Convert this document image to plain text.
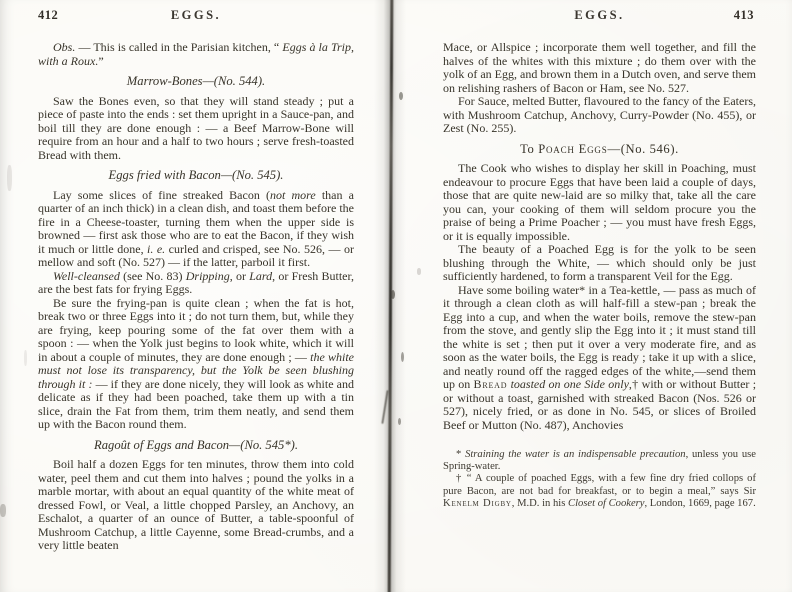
412	EGGS.

Obs. — This is called in the Parisian kitchen, “ Eggs à la Trip, with a Roux.”

Marrow-Bones—(No. 544).

Saw the Bones even, so that they will stand steady ; put a piece of paste into the ends : set them upright in a Sauce-pan, and boil till they are done enough : — a Beef Marrow-Bone will require from an hour and a half to two hours ; serve fresh-toasted Bread with them.

Eggs fried with Bacon—(No. 545).

Lay some slices of fine streaked Bacon (not more than a quarter of an inch thick) in a clean dish, and toast them before the fire in a Cheese-toaster, turning them when the upper side is browned — first ask those who are to eat the Bacon, if they wish it much or little done, i. e. curled and crisped, see No. 526, — or mellow and soft (No. 527) — if the latter, parboil it first.

Well-cleansed (see No. 83) Dripping, or Lard, or Fresh Butter, are the best fats for frying Eggs.

Be sure the frying-pan is quite clean ; when the fat is hot, break two or three Eggs into it ; do not turn them, but, while they are frying, keep pouring some of the fat over them with a spoon : — when the Yolk just begins to look white, which it will in about a couple of minutes, they are done enough ; — the white must not lose its transparency, but the Yolk be seen blushing through it : — if they are done nicely, they will look as white and delicate as if they had been poached, take them up with a tin slice, drain the Fat from them, trim them neatly, and send them up with the Bacon round them.

Ragoût of Eggs and Bacon—(No. 545*).

Boil half a dozen Eggs for ten minutes, throw them into cold water, peel them and cut them into halves ; pound the yolks in a marble mortar, with about an equal quantity of the white meat of dressed Fowl, or Veal, a little chopped Parsley, an Anchovy, an Eschalot, a quarter of an ounce of Butter, a table-spoonful of Mushroom Catchup, a little Cayenne, some Bread-crumbs, and a very little beaten

EGGS.	413

Mace, or Allspice ; incorporate them well together, and fill the halves of the whites with this mixture ; do them over with the yolk of an Egg, and brown them in a Dutch oven, and serve them on relishing rashers of Bacon or Ham, see No. 527.

For Sauce, melted Butter, flavoured to the fancy of the Eaters, with Mushroom Catchup, Anchovy, Curry-Powder (No. 455), or Zest (No. 255).

To Poach Eggs—(No. 546).

The Cook who wishes to display her skill in Poaching, must endeavour to procure Eggs that have been laid a couple of days, those that are quite new-laid are so milky that, take all the care you can, your cooking of them will seldom procure you the praise of being a Prime Poacher ; — you must have fresh Eggs, or it is equally impossible.

The beauty of a Poached Egg is for the yolk to be seen blushing through the White, — which should only be just sufficiently hardened, to form a transparent Veil for the Egg.

Have some boiling water* in a Tea-kettle, — pass as much of it through a clean cloth as will half-fill a stew-pan ; break the Egg into a cup, and when the water boils, remove the stew-pan from the stove, and gently slip the Egg into it ; it must stand till the white is set ; then put it over a very moderate fire, and as soon as the water boils, the Egg is ready ; take it up with a slice, and neatly round off the ragged edges of the white,—send them up on Bread toasted on one Side only,† with or without Butter ; or without a toast, garnished with streaked Bacon (Nos. 526 or 527), nicely fried, or as done in No. 545, or slices of Broiled Beef or Mutton (No. 487), Anchovies

* Straining the water is an indispensable precaution, unless you use Spring-water.

† “ A couple of poached Eggs, with a few fine dry fried collops of pure Bacon, are not bad for breakfast, or to begin a meal,” says Sir Kenelm Digby, M.D. in his Closet of Cookery, London, 1669, page 167.
